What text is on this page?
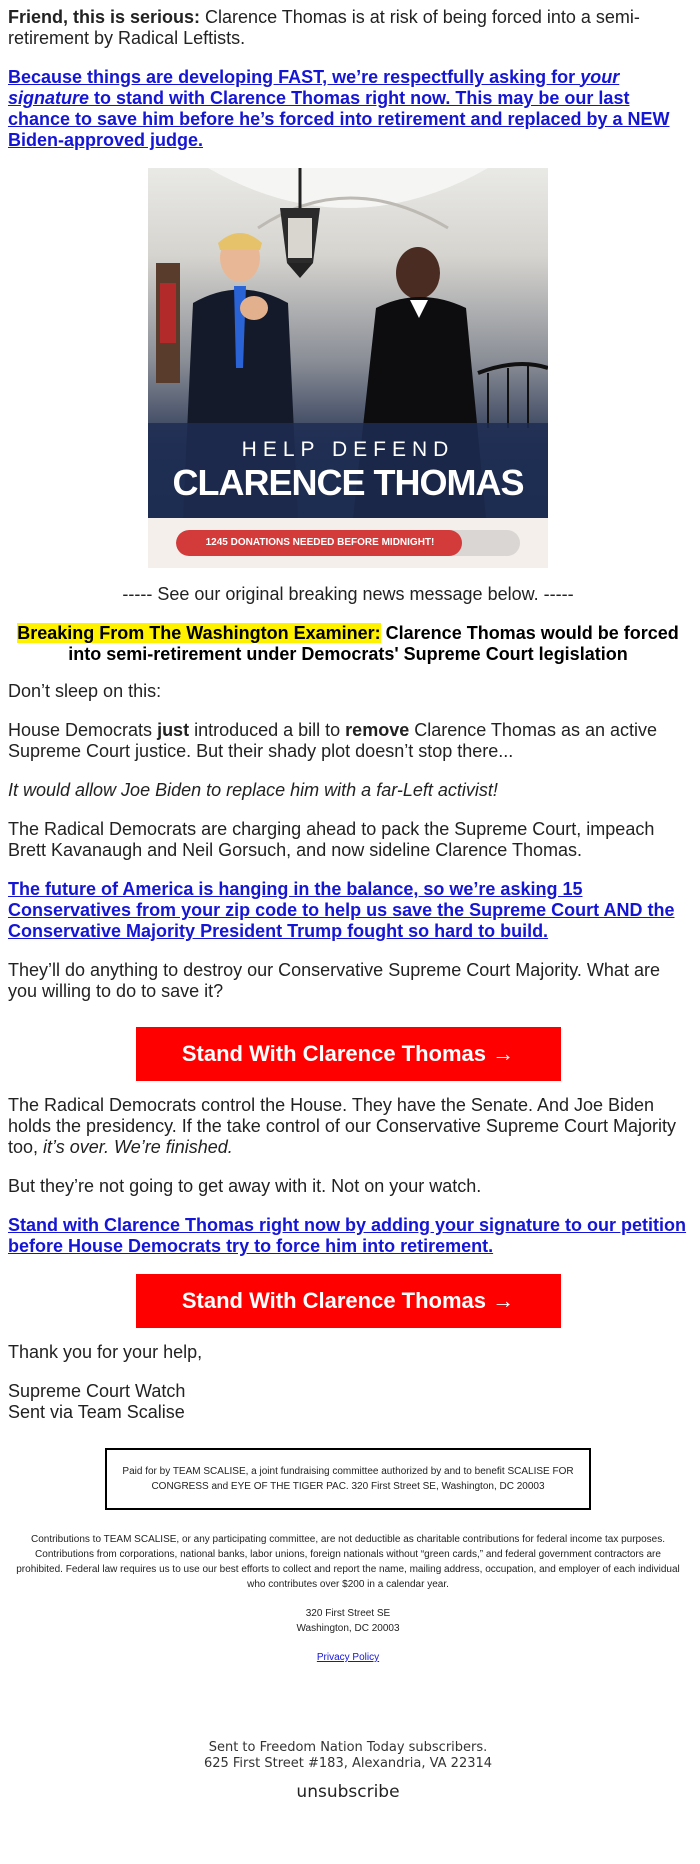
Friend, this is serious: Clarence Thomas is at risk of being forced into a semi-retirement by Radical Leftists.

Because things are developing FAST, we’re respectfully asking for your signature to stand with Clarence Thomas right now. This may be our last chance to save him before he’s forced into retirement and replaced by a NEW Biden-approved judge.

HELP DEFEND
CLARENCE THOMAS
1245 DONATIONS NEEDED BEFORE MIDNIGHT!

----- See our original breaking news message below. -----

Breaking From The Washington Examiner: Clarence Thomas would be forced into semi-retirement under Democrats' Supreme Court legislation

Don’t sleep on this:

House Democrats just introduced a bill to remove Clarence Thomas as an active Supreme Court justice. But their shady plot doesn’t stop there...

It would allow Joe Biden to replace him with a far-Left activist!

The Radical Democrats are charging ahead to pack the Supreme Court, impeach Brett Kavanaugh and Neil Gorsuch, and now sideline Clarence Thomas.

The future of America is hanging in the balance, so we’re asking 15 Conservatives from your zip code to help us save the Supreme Court AND the Conservative Majority President Trump fought so hard to build.

They’ll do anything to destroy our Conservative Supreme Court Majority. What are you willing to do to save it?

Stand With Clarence Thomas →

The Radical Democrats control the House. They have the Senate. And Joe Biden holds the presidency. If the take control of our Conservative Supreme Court Majority too, it’s over. We’re finished.

But they’re not going to get away with it. Not on your watch.

Stand with Clarence Thomas right now by adding your signature to our petition before House Democrats try to force him into retirement.

Stand With Clarence Thomas →

Thank you for your help,

Supreme Court Watch

Sent via Team Scalise

Paid for by TEAM SCALISE, a joint fundraising committee authorized by and to benefit SCALISE FOR CONGRESS and EYE OF THE TIGER PAC. 320 First Street SE, Washington, DC 20003

Contributions to TEAM SCALISE, or any participating committee, are not deductible as charitable contributions for federal income tax purposes. Contributions from corporations, national banks, labor unions, foreign nationals without “green cards,” and federal government contractors are prohibited. Federal law requires us to use our best efforts to collect and report the name, mailing address, occupation, and employer of each individual who contributes over $200 in a calendar year.

320 First Street SE

Washington, DC 20003

Privacy Policy

Sent to Freedom Nation Today subscribers.

625 First Street #183, Alexandria, VA 22314

unsubscribe
